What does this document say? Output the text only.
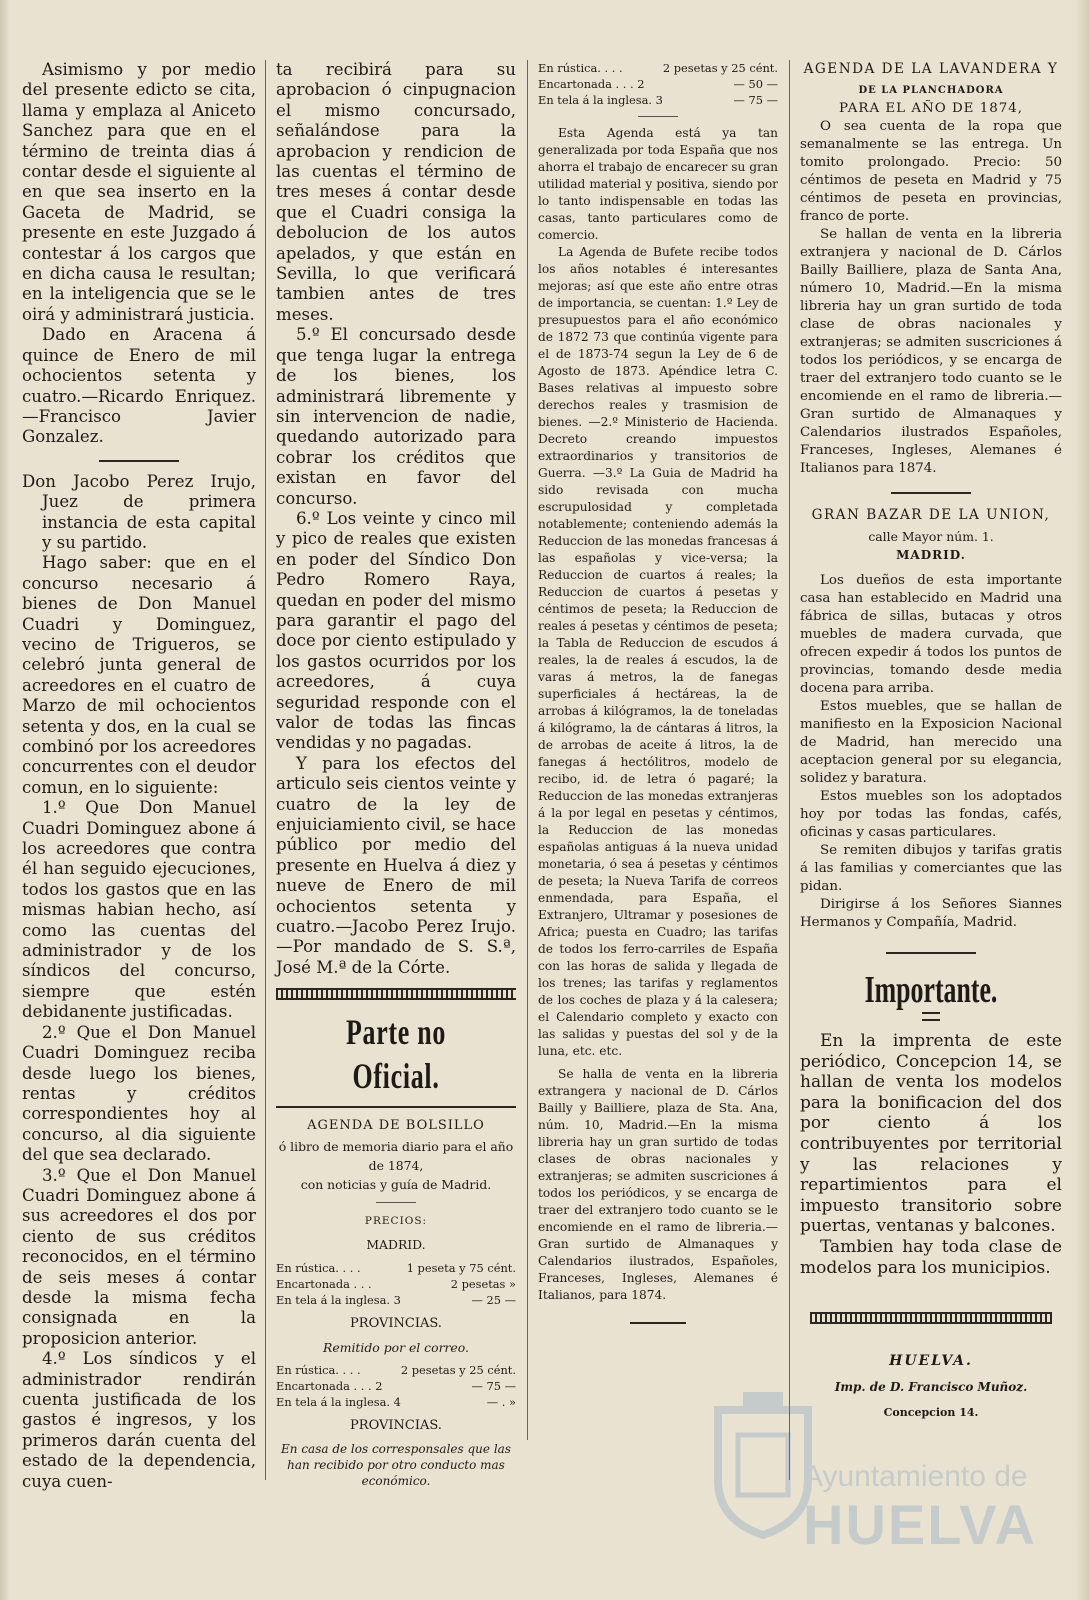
Asimismo y por medio del presente edicto se cita, llama y emplaza al Aniceto Sanchez para que en el término de treinta dias á contar desde el siguiente al en que sea inserto en la Gaceta de Madrid, se presente en este Juzgado á contestar á los cargos que en dicha causa le resultan; en la inteligencia que se le oirá y administrará justicia.

Dado en Aracena á quince de Enero de mil ochocientos setenta y cuatro.—Ricardo Enriquez.—Francisco Javier Gonzalez.

Don Jacobo Perez Irujo, Juez de primera instancia de esta capital y su partido.

Hago saber: que en el concurso necesario á bienes de Don Manuel Cuadri y Dominguez, vecino de Trigueros, se celebró junta general de acreedores en el cuatro de Marzo de mil ochocientos setenta y dos, en la cual se combinó por los acreedores concurrentes con el deudor comun, en lo siguiente:

1.º Que Don Manuel Cuadri Dominguez abone á los acreedores que contra él han seguido ejecuciones, todos los gastos que en las mismas habian hecho, así como las cuentas del administrador y de los síndicos del concurso, siempre que estén debidanente justificadas.

2.º Que el Don Manuel Cuadri Dominguez reciba desde luego los bienes, rentas y créditos correspondientes hoy al concurso, al dia siguiente del que sea declarado.

3.º Que el Don Manuel Cuadri Dominguez abone á sus acreedores el dos por ciento de sus créditos reconocidos, en el término de seis meses á contar desde la misma fecha consignada en la proposicion anterior.

4.º Los síndicos y el administrador rendirán cuenta justificada de los gastos é ingresos, y los primeros darán cuenta del estado de la dependencia, cuya cuen-

ta recibirá para su aprobacion ó cinpugnacion el mismo concursado, señalándose para la aprobacion y rendicion de las cuentas el término de tres meses á contar desde que el Cuadri consiga la debolucion de los autos apelados, y que están en Sevilla, lo que verificará tambien antes de tres meses.

5.º El concursado desde que tenga lugar la entrega de los bienes, los administrará libremente y sin intervencion de nadie, quedando autorizado para cobrar los créditos que existan en favor del concurso.

6.º Los veinte y cinco mil y pico de reales que existen en poder del Síndico Don Pedro Romero Raya, quedan en poder del mismo para garantir el pago del doce por ciento estipulado y los gastos ocurridos por los acreedores, á cuya seguridad responde con el valor de todas las fincas vendidas y no pagadas.

Y para los efectos del articulo seis cientos veinte y cuatro de la ley de enjuiciamiento civil, se hace público por medio del presente en Huelva á diez y nueve de Enero de mil ochocientos setenta y cuatro.—Jacobo Perez Irujo.—Por mandado de S. S.ª, José M.ª de la Córte.

Parte no Oficial.
AGENDA DE BOLSILLO
ó libro de memoria diario para el año de 1874,
con noticias y guía de Madrid.
PRECIOS:
MADRID.
En rústica. . . .	1 peseta y 75 cént.
Encartonada . . .	2 pesetas »
En tela á la inglesa. 3	— 25 —
PROVINCIAS.
Remitido por el correo.
En rústica. . . .	2 pesetas y 25 cént.
Encartonada . . . 2	— 75 —
En tela á la inglesa. 4	— . »
PROVINCIAS.

En casa de los corresponsales que las han recibido por otro conducto mas económico.

En rústica. . . .	2 pesetas y 25 cént.
Encartonada . . . 2	— 50 —
En tela á la inglesa. 3	— 75 —

Esta Agenda está ya tan generalizada por toda España que nos ahorra el trabajo de encarecer su gran utilidad material y positiva, siendo por lo tanto indispensable en todas las casas, tanto particulares como de comercio.

La Agenda de Bufete recibe todos los años notables é interesantes mejoras; así que este año entre otras de importancia, se cuentan: 1.º Ley de presupuestos para el año económico de 1872 73 que continúa vigente para el de 1873-74 segun la Ley de 6 de Agosto de 1873. Apéndice letra C. Bases relativas al impuesto sobre derechos reales y trasmision de bienes. —2.º Ministerio de Hacienda. Decreto creando impuestos extraordinarios y transitorios de Guerra. —3.º La Guia de Madrid ha sido revisada con mucha escrupulosidad y completada notablemente; conteniendo además la Reduccion de las monedas francesas á las españolas y vice-versa; la Reduccion de cuartos á reales; la Reduccion de cuartos á pesetas y céntimos de peseta; la Reduccion de reales á pesetas y céntimos de peseta; la Tabla de Reduccion de escudos á reales, la de reales á escudos, la de varas á metros, la de fanegas superficiales á hectáreas, la de arrobas á kilógramos, la de toneladas á kilógramo, la de cántaras á litros, la de arrobas de aceite á litros, la de fanegas á hectólitros, modelo de recibo, id. de letra ó pagaré; la Reduccion de las monedas extranjeras á la por legal en pesetas y céntimos, la Reduccion de las monedas españolas antiguas á la nueva unidad monetaria, ó sea á pesetas y céntimos de peseta; la Nueva Tarifa de correos enmendada, para España, el Extranjero, Ultramar y posesiones de Africa; puesta en Cuadro; las tarifas de todos los ferro-carriles de España con las horas de salida y llegada de los trenes; las tarifas y reglamentos de los coches de plaza y á la calesera; el Calendario completo y exacto con las salidas y puestas del sol y de la luna, etc. etc.

Se halla de venta en la libreria extrangera y nacional de D. Cárlos Bailly y Bailliere, plaza de Sta. Ana, núm. 10, Madrid.—En la misma libreria hay un gran surtido de todas clases de obras nacionales y extranjeras; se admiten suscriciones á todos los periódicos, y se encarga de traer del extranjero todo cuanto se le encomiende en el ramo de libreria.—Gran surtido de Almanaques y Calendarios ilustrados, Españoles, Franceses, Ingleses, Alemanes é Italianos, para 1874.

AGENDA DE LA LAVANDERA Y
DE LA PLANCHADORA
PARA EL AÑO DE 1874,

O sea cuenta de la ropa que semanalmente se las entrega. Un tomito prolongado. Precio: 50 céntimos de peseta en Madrid y 75 céntimos de peseta en provincias, franco de porte.

Se hallan de venta en la libreria extranjera y nacional de D. Cárlos Bailly Bailliere, plaza de Santa Ana, número 10, Madrid.—En la misma libreria hay un gran surtido de toda clase de obras nacionales y extranjeras; se admiten suscriciones á todos los periódicos, y se encarga de traer del extranjero todo cuanto se le encomiende en el ramo de libreria.—Gran surtido de Almanaques y Calendarios ilustrados Españoles, Franceses, Ingleses, Alemanes é Italianos para 1874.

GRAN BAZAR DE LA UNION,
calle Mayor núm. 1.
MADRID.

Los dueños de esta importante casa han establecido en Madrid una fábrica de sillas, butacas y otros muebles de madera curvada, que ofrecen expedir á todos los puntos de provincias, tomando desde media docena para arriba.

Estos muebles, que se hallan de manifiesto en la Exposicion Nacional de Madrid, han merecido una aceptacion general por su elegancia, solidez y baratura.

Estos muebles son los adoptados hoy por todas las fondas, cafés, oficinas y casas particulares.

Se remiten dibujos y tarifas gratis á las familias y comerciantes que las pidan.

Dirigirse á los Señores Siannes Hermanos y Compañía, Madrid.

Importante.

En la imprenta de este periódico, Concepcion 14, se hallan de venta los modelos para la bonificacion del dos por ciento á los contribuyentes por territorial y las relaciones y repartimientos para el impuesto transitorio sobre puertas, ventanas y balcones.

Tambien hay toda clase de modelos para los municipios.

HUELVA.
Imp. de D. Francisco Muñoz.
Concepcion 14.
Ayuntamiento de
HUELVA
